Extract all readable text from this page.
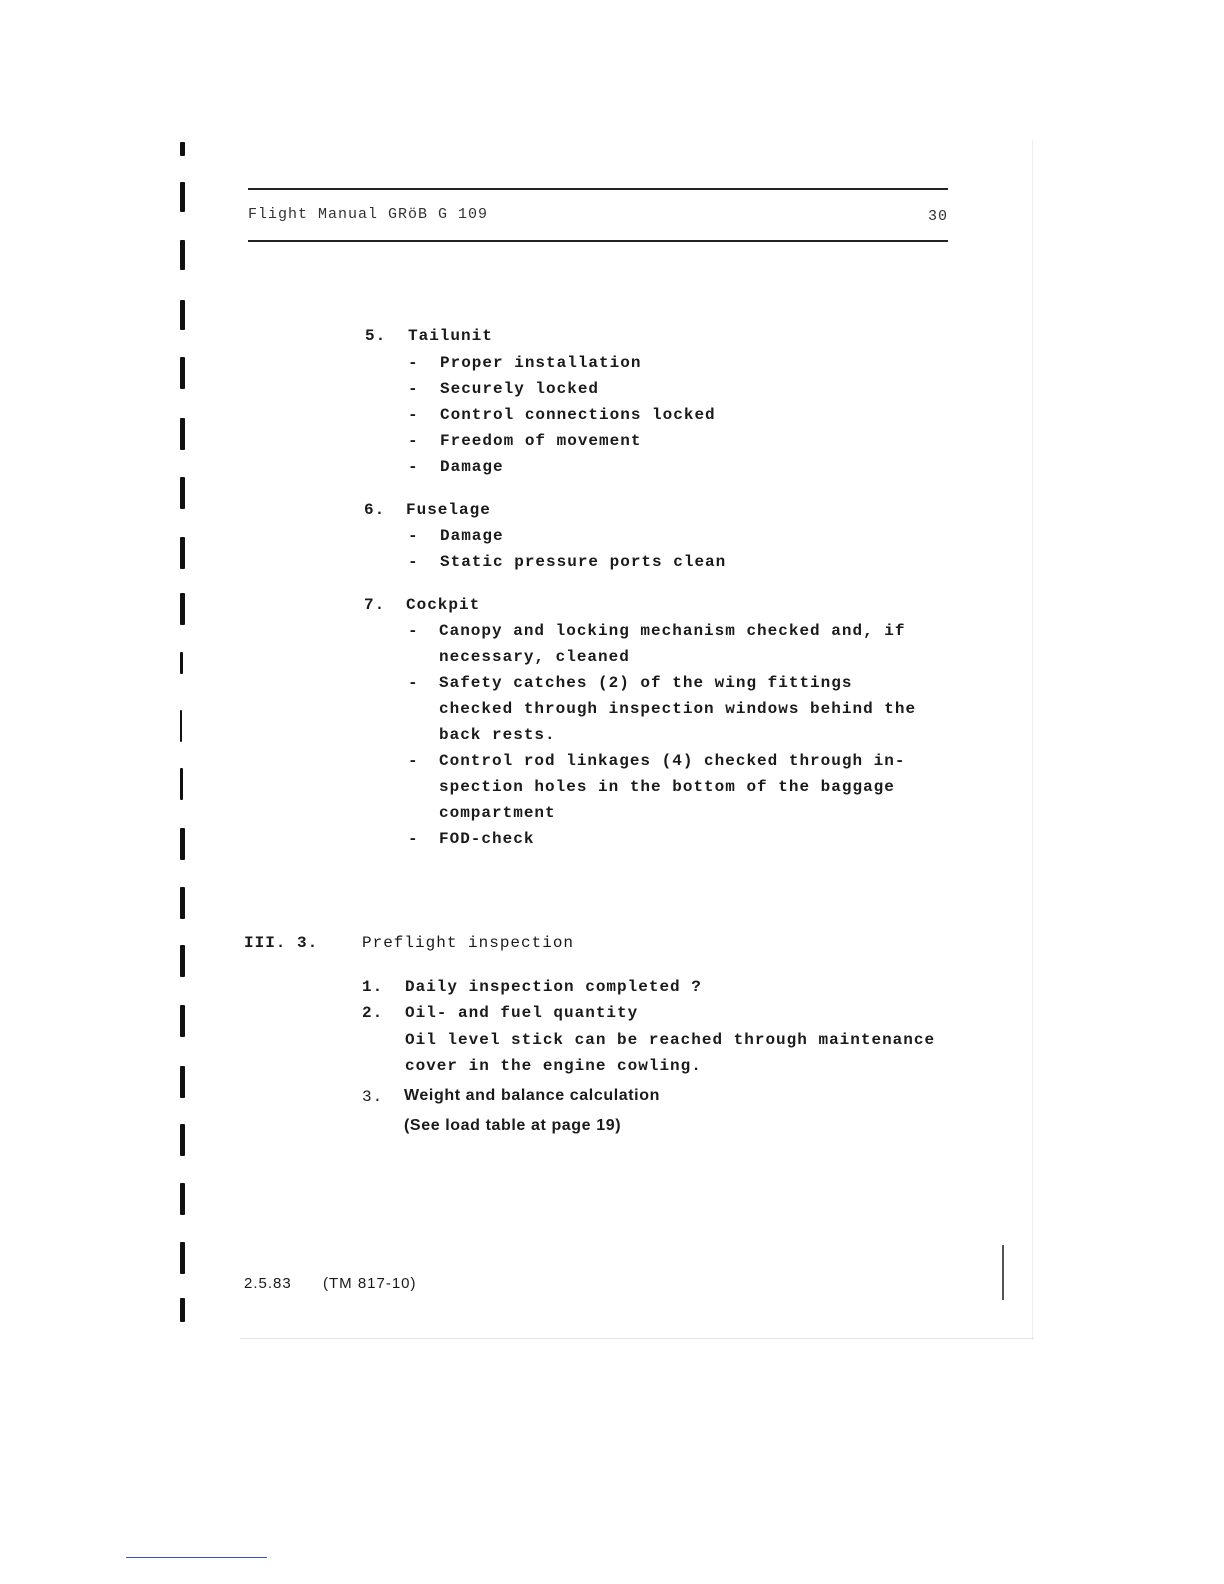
Flight Manual GRöB G 109	30
5. Tailunit
- Proper installation
- Securely locked
- Control connections locked
- Freedom of movement
- Damage
6. Fuselage
- Damage
- Static pressure ports clean
7. Cockpit
- Canopy and locking mechanism checked and, if
necessary, cleaned
- Safety catches (2) of the wing fittings
checked through inspection windows behind the
back rests.
- Control rod linkages (4) checked through in-
spection holes in the bottom of the baggage
compartment
- FOD-check
III. 3.	Preflight inspection
1. Daily inspection completed ?
2. Oil- and fuel quantity
Oil level stick can be reached through maintenance
cover in the engine cowling.
3. Weight and balance calculation
(See load table at page 19)
2.5.83 (TM 817-10)
